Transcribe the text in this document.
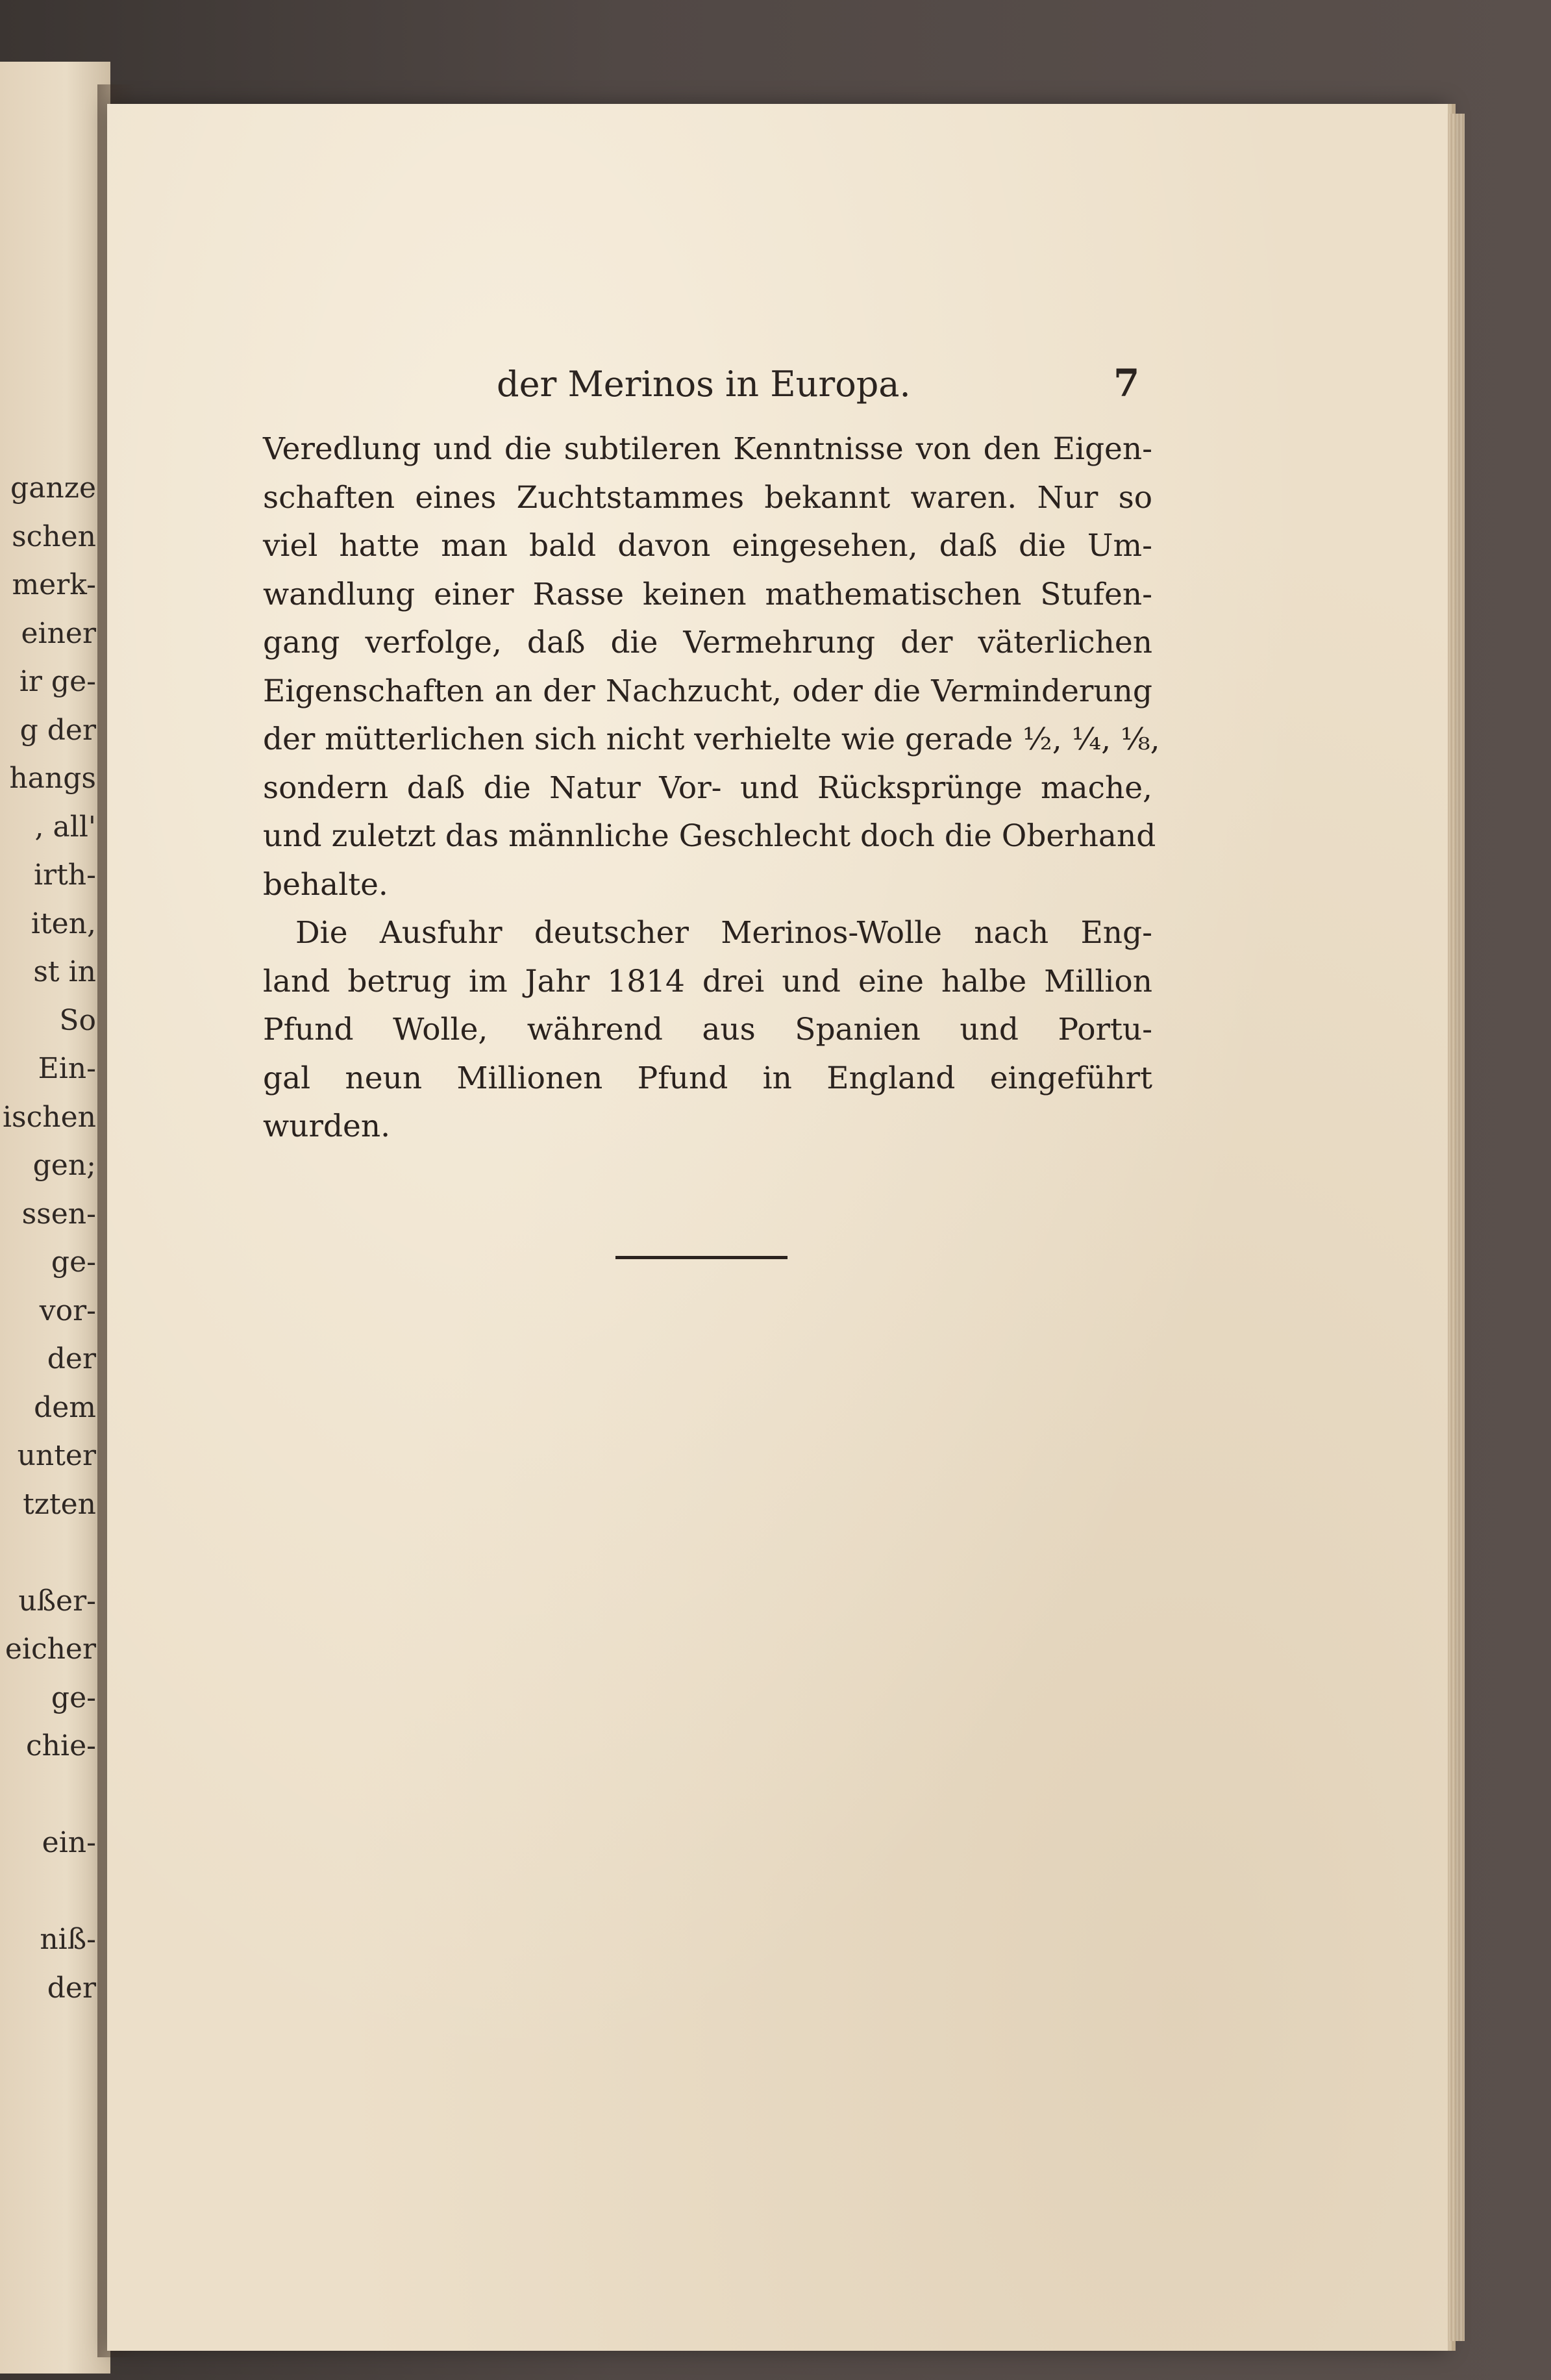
ganze
schen
merk-
einer
ir ge-
g der
hangs
, all'
irth-
iten,
st in
So
Ein-
ischen
gen;
ssen-
ge-
vor-
der
dem
unter
tzten
ußer-
eicher
ge-
chie-
ein-
niß-
der
der Merinos in Europa.	7
Veredlung und die subtileren Kenntnisse von den Eigen-
schaften eines Zuchtstammes bekannt waren. Nur so
viel hatte man bald davon eingesehen, daß die Um-
wandlung einer Rasse keinen mathematischen Stufen-
gang verfolge, daß die Vermehrung der väterlichen
Eigenschaften an der Nachzucht, oder die Verminderung
der mütterlichen sich nicht verhielte wie gerade ½, ¼, ⅛,
sondern daß die Natur Vor- und Rücksprünge mache,
und zuletzt das männliche Geschlecht doch die Oberhand
behalte.
Die Ausfuhr deutscher Merinos-Wolle nach Eng-
land betrug im Jahr 1814 drei und eine halbe Million
Pfund Wolle, während aus Spanien und Portu-
gal neun Millionen Pfund in England eingeführt
wurden.
